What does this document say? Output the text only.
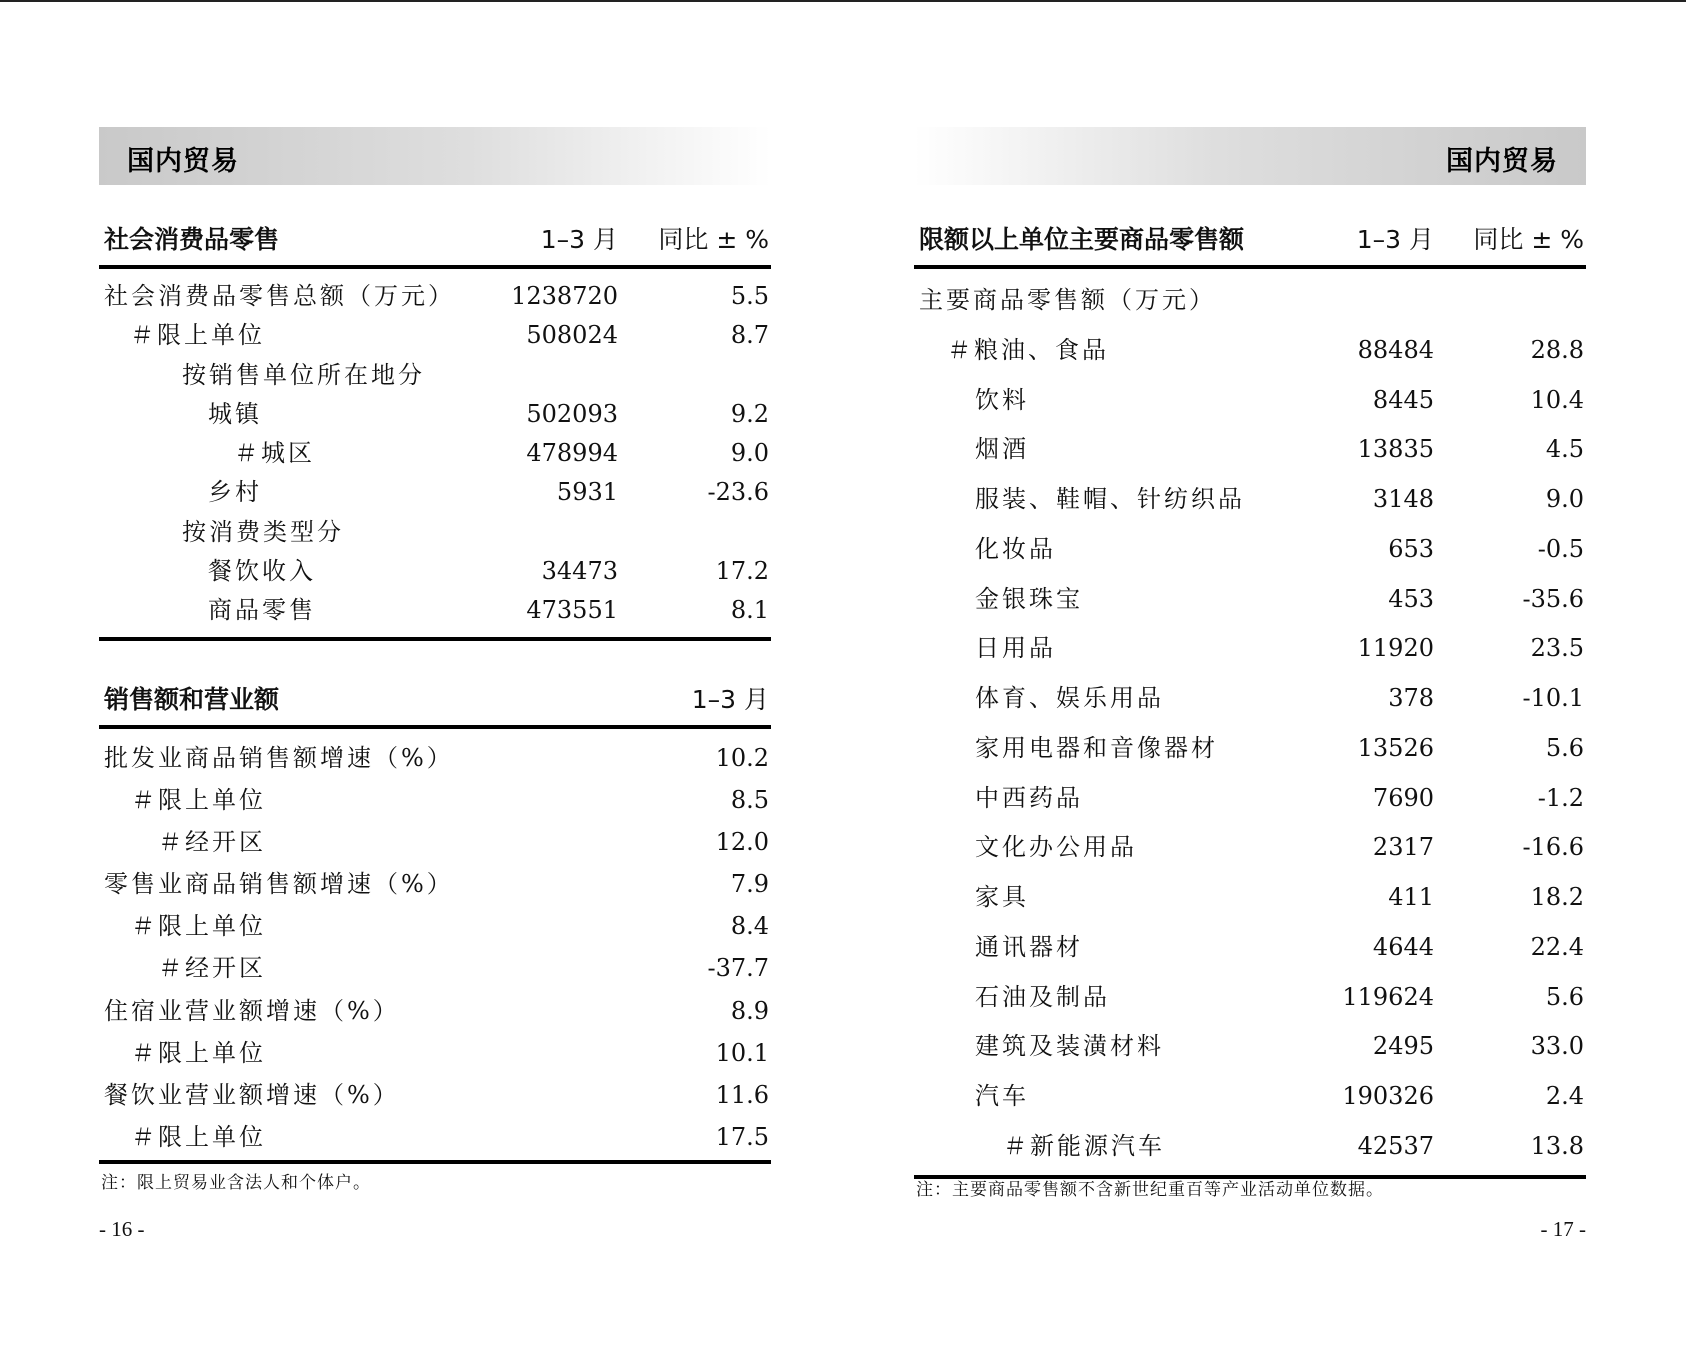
国内贸易
社会消费品零售	1–3 月 同比 ± %
社会消费品零售总额（万元） 1238720	5.5
＃限上单位	508024	8.7
按销售单位所在地分
城镇	502093	9.2
＃城区	478994	9.0
乡村	5931	-23.6
按消费类型分
餐饮收入	34473	17.2
商品零售	473551	8.1
销售额和营业额	1–3 月
批发业商品销售额增速（%）	10.2
＃限上单位	8.5
＃经开区	12.0
零售业商品销售额增速（%）	7.9
＃限上单位	8.4
＃经开区	-37.7
住宿业营业额增速（%）	8.9
＃限上单位	10.1
餐饮业营业额增速（%）	11.6
＃限上单位	17.5
注：限上贸易业含法人和个体户。
- 16 -
国内贸易
限额以上单位主要商品零售额	1–3 月 同比 ± %
主要商品零售额（万元）
＃粮油、食品	88484	28.8
饮料	8445	10.4
烟酒	13835	4.5
服装、鞋帽、针纺织品	3148	9.0
化妆品	653	-0.5
金银珠宝	453	-35.6
日用品	11920	23.5
体育、娱乐用品	378	-10.1
家用电器和音像器材	13526	5.6
中西药品	7690	-1.2
文化办公用品	2317	-16.6
家具	411	18.2
通讯器材	4644	22.4
石油及制品	119624	5.6
建筑及装潢材料	2495	33.0
汽车	190326	2.4
＃新能源汽车	42537	13.8
注：主要商品零售额不含新世纪重百等产业活动单位数据。
- 17 -
